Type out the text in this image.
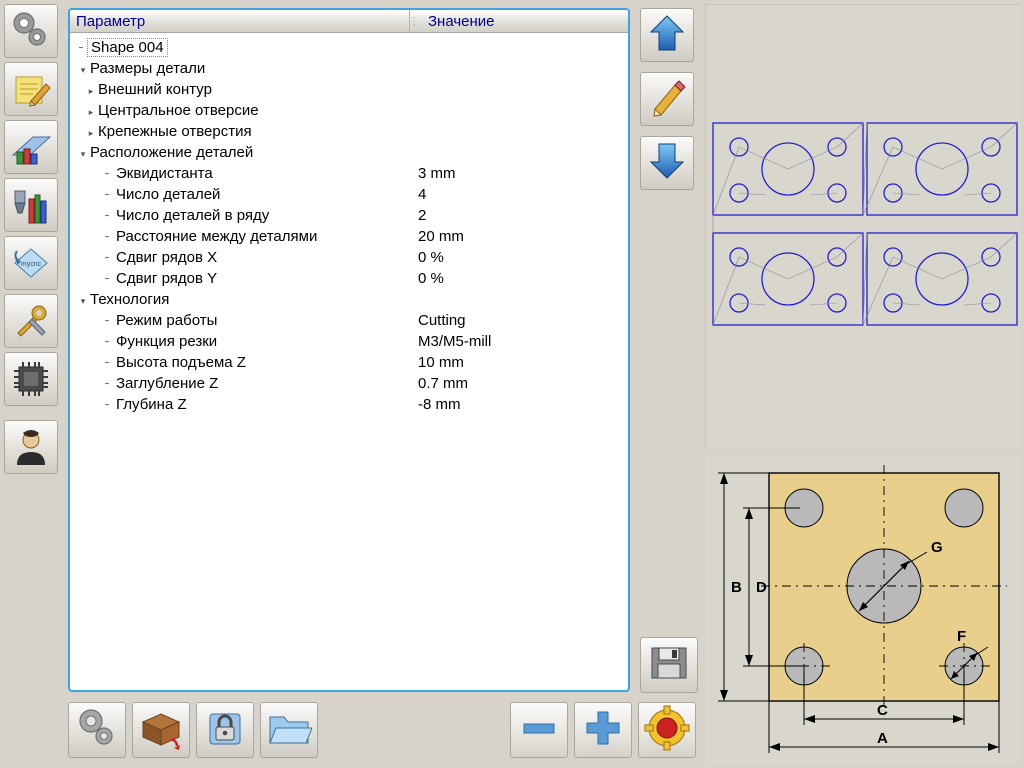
mycnc
Параметр	⋮ Значение
╴ Shape 004
▾ Размеры детали
▸ Внешний контур
▸ Центральное отверсие
▸ Крепежные отверстия
▾ Расположение деталей
╴ Эквидистанта	3 mm
╴ Число деталей	4
╴ Число деталей в ряду	2
╴ Расстояние между деталями	20 mm
╴ Сдвиг рядов X	0 %
╴ Сдвиг рядов Y	0 %
▾ Технология
╴ Режим работы	Cutting
╴ Функция резки	M3/M5-mill
╴ Высота подъема Z	10 mm
╴ Заглубление Z	0.7 mm
╴ Глубина Z	-8 mm
G
F
B D
C
A
